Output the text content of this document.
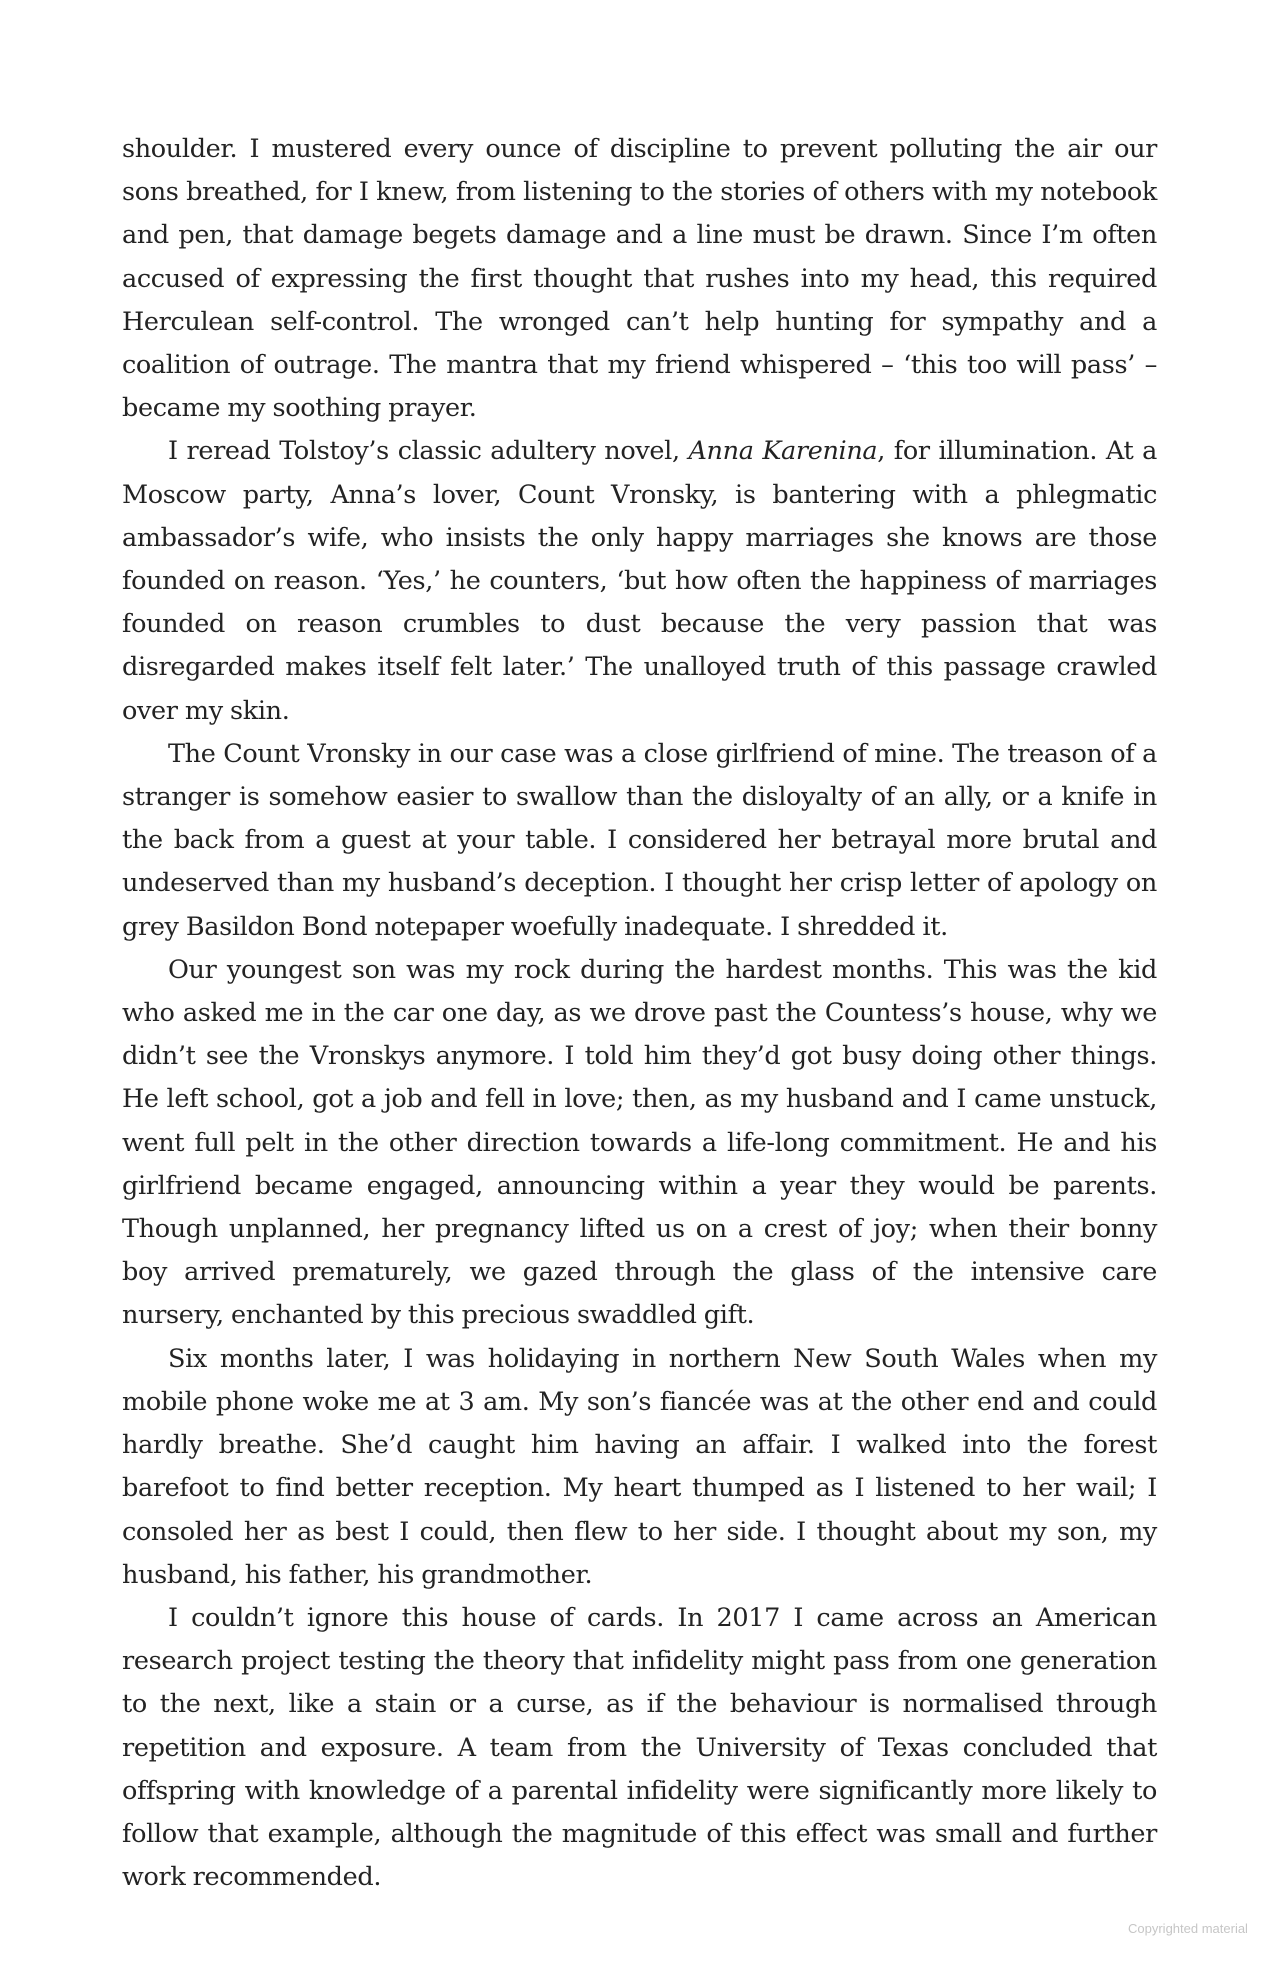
shoulder. I mustered every ounce of discipline to prevent polluting the air our sons breathed, for I knew, from listening to the stories of others with my notebook and pen, that damage begets damage and a line must be drawn. Since I’m often accused of expressing the first thought that rushes into my head, this required Herculean self-control. The wronged can’t help hunting for sympathy and a coalition of outrage. The mantra that my friend whispered – ‘this too will pass’ – became my soothing prayer.

I reread Tolstoy’s classic adultery novel, Anna Karenina, for illumination. At a Moscow party, Anna’s lover, Count Vronsky, is bantering with a phlegmatic ambassador’s wife, who insists the only happy marriages she knows are those founded on reason. ‘Yes,’ he counters, ‘but how often the happiness of marriages founded on reason crumbles to dust because the very passion that was disregarded makes itself felt later.’ The unalloyed truth of this passage crawled over my skin.

The Count Vronsky in our case was a close girlfriend of mine. The treason of a stranger is somehow easier to swallow than the disloyalty of an ally, or a knife in the back from a guest at your table. I considered her betrayal more brutal and undeserved than my husband’s deception. I thought her crisp letter of apology on grey Basildon Bond notepaper woefully inadequate. I shredded it.

Our youngest son was my rock during the hardest months. This was the kid who asked me in the car one day, as we drove past the Countess’s house, why we didn’t see the Vronskys anymore. I told him they’d got busy doing other things. He left school, got a job and fell in love; then, as my husband and I came unstuck, went full pelt in the other direction towards a life-long commitment. He and his girlfriend became engaged, announcing within a year they would be parents. Though unplanned, her pregnancy lifted us on a crest of joy; when their bonny boy arrived prematurely, we gazed through the glass of the intensive care nursery, enchanted by this precious swaddled gift.

Six months later, I was holidaying in northern New South Wales when my mobile phone woke me at 3 am. My son’s fiancée was at the other end and could hardly breathe. She’d caught him having an affair. I walked into the forest barefoot to find better reception. My heart thumped as I listened to her wail; I consoled her as best I could, then flew to her side. I thought about my son, my husband, his father, his grandmother.

I couldn’t ignore this house of cards. In 2017 I came across an American research project testing the theory that infidelity might pass from one generation to the next, like a stain or a curse, as if the behaviour is normalised through repetition and exposure. A team from the University of Texas concluded that offspring with knowledge of a parental infidelity were significantly more likely to follow that example, although the magnitude of this effect was small and further work recommended.

Copyrighted material
